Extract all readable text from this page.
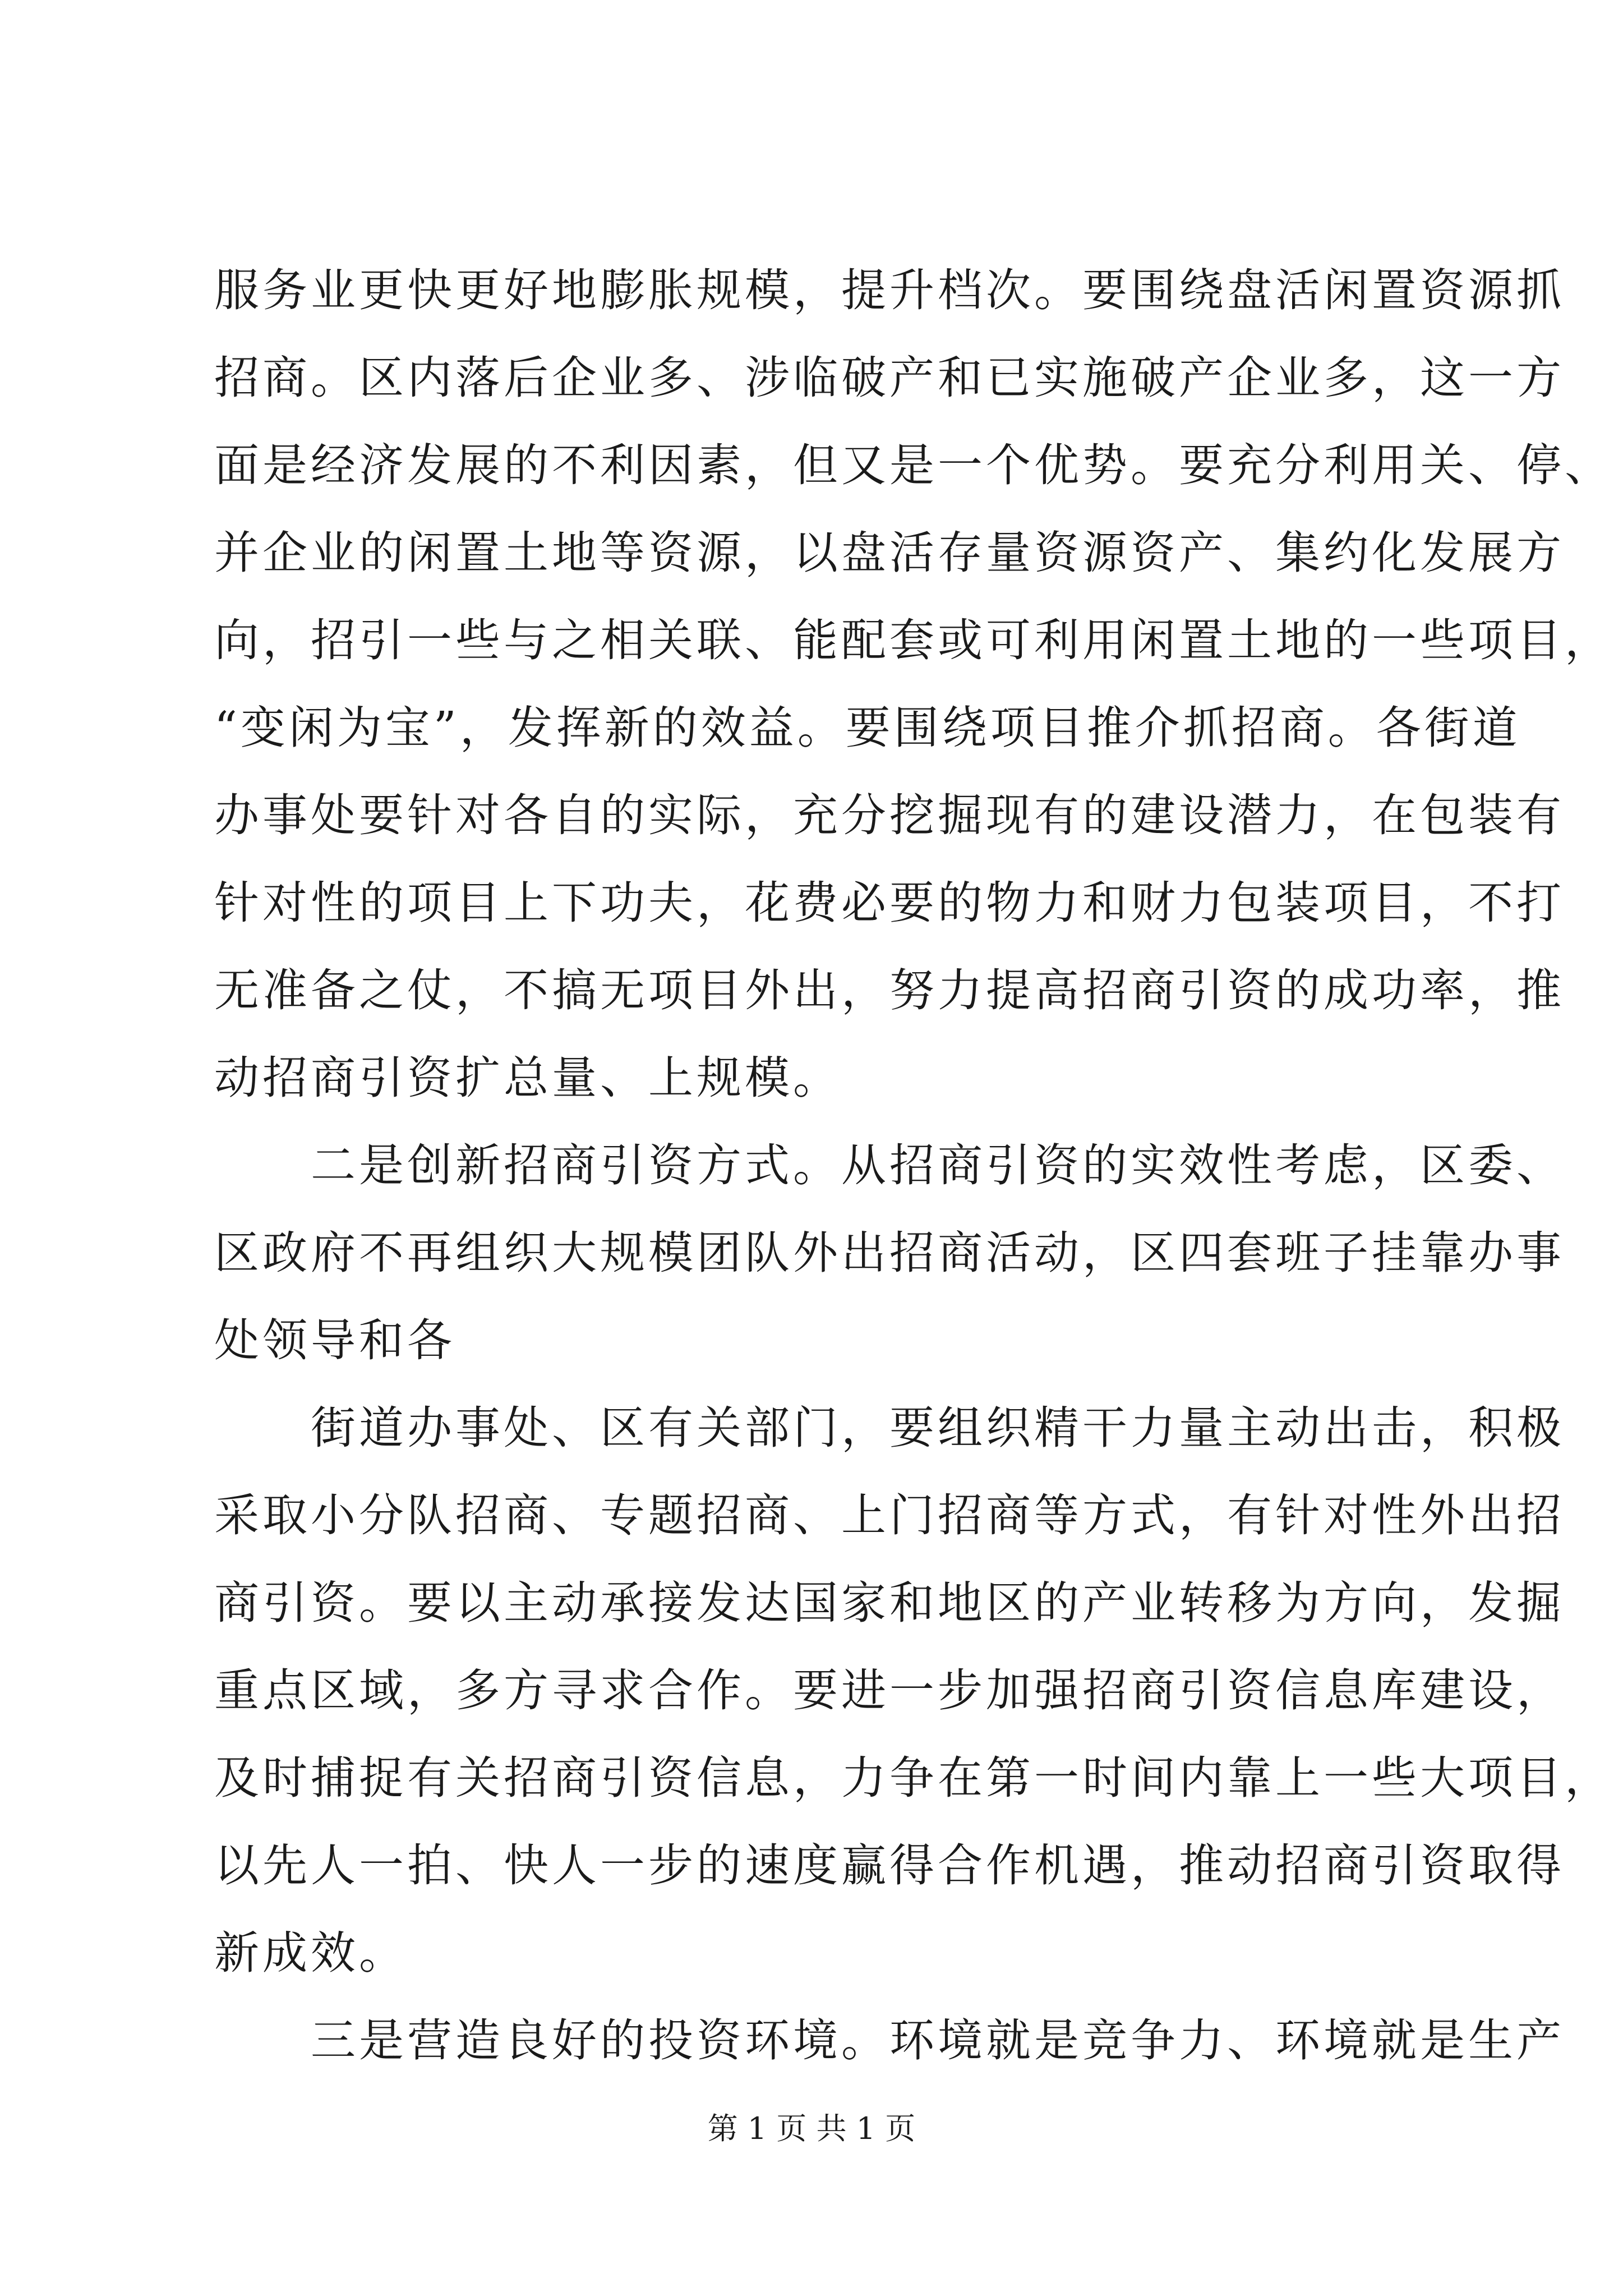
服务业更快更好地膨胀规模，提升档次。要围绕盘活闲置资源抓
招商。区内落后企业多、涉临破产和已实施破产企业多，这一方
面是经济发展的不利因素，但又是一个优势。要充分利用关、停、
并企业的闲置土地等资源，以盘活存量资源资产、集约化发展方
向，招引一些与之相关联、能配套或可利用闲置土地的一些项目，
“变闲为宝”，发挥新的效益。要围绕项目推介抓招商。各街道
办事处要针对各自的实际，充分挖掘现有的建设潜力，在包装有
针对性的项目上下功夫，花费必要的物力和财力包装项目，不打
无准备之仗，不搞无项目外出，努力提高招商引资的成功率，推
动招商引资扩总量、上规模。
　　二是创新招商引资方式。从招商引资的实效性考虑，区委、
区政府不再组织大规模团队外出招商活动，区四套班子挂靠办事
处领导和各
　　街道办事处、区有关部门，要组织精干力量主动出击，积极
采取小分队招商、专题招商、上门招商等方式，有针对性外出招
商引资。要以主动承接发达国家和地区的产业转移为方向，发掘
重点区域，多方寻求合作。要进一步加强招商引资信息库建设，
及时捕捉有关招商引资信息，力争在第一时间内靠上一些大项目，
以先人一拍、快人一步的速度赢得合作机遇，推动招商引资取得
新成效。
　　三是营造良好的投资环境。环境就是竞争力、环境就是生产
第 1 页 共 1 页
